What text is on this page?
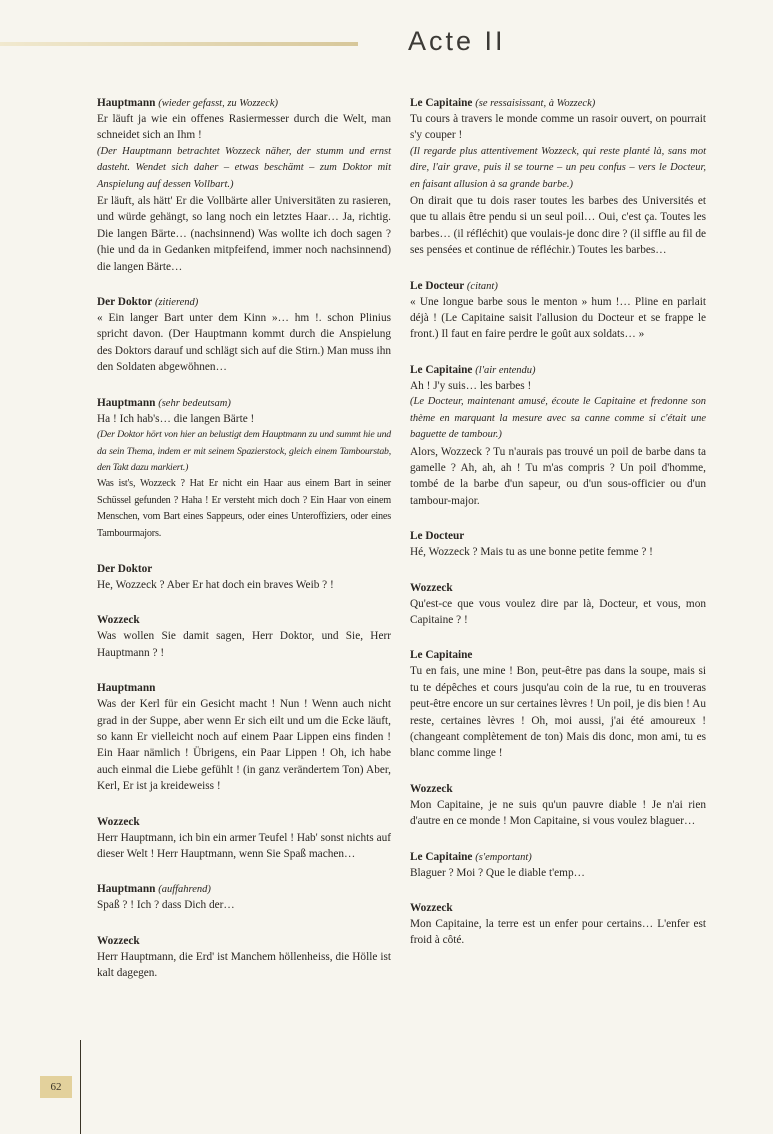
Acte II
Hauptmann (wieder gefasst, zu Wozzeck)

Er läuft ja wie ein offenes Rasiermesser durch die Welt, man schneidet sich an Ihm !

(Der Hauptmann betrachtet Wozzeck näher, der stumm und ernst dasteht. Wendet sich daher – etwas beschämt – zum Doktor mit Anspielung auf dessen Vollbart.)

Er läuft, als hätt' Er die Vollbärte aller Universitäten zu rasieren, und würde gehängt, so lang noch ein letztes Haar… Ja, richtig. Die langen Bärte… (nachsinnend) Was wollte ich doch sagen ? (hie und da in Gedanken mitpfeifend, immer noch nachsinnend) die langen Bärte…

Der Doktor (zitierend)

« Ein langer Bart unter dem Kinn »… hm !. schon Plinius spricht davon. (Der Hauptmann kommt durch die Anspielung des Doktors darauf und schlägt sich auf die Stirn.) Man muss ihn den Soldaten abgewöhnen…

Hauptmann (sehr bedeutsam)

Ha ! Ich hab's… die langen Bärte !

(Der Doktor hört von hier an belustigt dem Hauptmann zu und summt hie und da sein Thema, indem er mit seinem Spazierstock, gleich einem Tambourstab, den Takt dazu markiert.)

Was ist's, Wozzeck ? Hat Er nicht ein Haar aus einem Bart in seiner Schüssel gefunden ? Haha ! Er versteht mich doch ? Ein Haar von einem Menschen, vom Bart eines Sappeurs, oder eines Unteroffiziers, oder eines Tambourmajors.

Der Doktor

He, Wozzeck ? Aber Er hat doch ein braves Weib ? !

Wozzeck

Was wollen Sie damit sagen, Herr Doktor, und Sie, Herr Hauptmann ? !

Hauptmann

Was der Kerl für ein Gesicht macht ! Nun ! Wenn auch nicht grad in der Suppe, aber wenn Er sich eilt und um die Ecke läuft, so kann Er vielleicht noch auf einem Paar Lippen eins finden ! Ein Haar nämlich ! Übrigens, ein Paar Lippen ! Oh, ich habe auch einmal die Liebe gefühlt ! (in ganz verändertem Ton) Aber, Kerl, Er ist ja kreideweiss !

Wozzeck

Herr Hauptmann, ich bin ein armer Teufel ! Hab' sonst nichts auf dieser Welt ! Herr Hauptmann, wenn Sie Spaß machen…

Hauptmann (auffahrend)

Spaß ? ! Ich ? dass Dich der…

Wozzeck

Herr Hauptmann, die Erd' ist Manchem höllenheiss, die Hölle ist kalt dagegen.

Le Capitaine (se ressaisissant, à Wozzeck)

Tu cours à travers le monde comme un rasoir ouvert, on pourrait s'y couper !

(Il regarde plus attentivement Wozzeck, qui reste planté là, sans mot dire, l'air grave, puis il se tourne – un peu confus – vers le Docteur, en faisant allusion à sa grande barbe.)

On dirait que tu dois raser toutes les barbes des Universités et que tu allais être pendu si un seul poil… Oui, c'est ça. Toutes les barbes… (il réfléchit) que voulais-je donc dire ? (il siffle au fil de ses pensées et continue de réfléchir.) Toutes les barbes…

Le Docteur (citant)

« Une longue barbe sous le menton » hum !… Pline en parlait déjà ! (Le Capitaine saisit l'allusion du Docteur et se frappe le front.) Il faut en faire perdre le goût aux soldats… »

Le Capitaine (l'air entendu)

Ah ! J'y suis… les barbes !

(Le Docteur, maintenant amusé, écoute le Capitaine et fredonne son thème en marquant la mesure avec sa canne comme si c'était une baguette de tambour.)

Alors, Wozzeck ? Tu n'aurais pas trouvé un poil de barbe dans ta gamelle ? Ah, ah, ah ! Tu m'as compris ? Un poil d'homme, tombé de la barbe d'un sapeur, ou d'un sous-officier ou d'un tambour-major.

Le Docteur

Hé, Wozzeck ? Mais tu as une bonne petite femme ? !

Wozzeck

Qu'est-ce que vous voulez dire par là, Docteur, et vous, mon Capitaine ? !

Le Capitaine

Tu en fais, une mine ! Bon, peut-être pas dans la soupe, mais si tu te dépêches et cours jusqu'au coin de la rue, tu en trouveras peut-être encore un sur certaines lèvres ! Un poil, je dis bien ! Au reste, certaines lèvres ! Oh, moi aussi, j'ai été amoureux ! (changeant complètement de ton) Mais dis donc, mon ami, tu es blanc comme linge !

Wozzeck

Mon Capitaine, je ne suis qu'un pauvre diable ! Je n'ai rien d'autre en ce monde ! Mon Capitaine, si vous voulez blaguer…

Le Capitaine (s'emportant)

Blaguer ? Moi ? Que le diable t'emp…

Wozzeck

Mon Capitaine, la terre est un enfer pour certains… L'enfer est froid à côté.

62
